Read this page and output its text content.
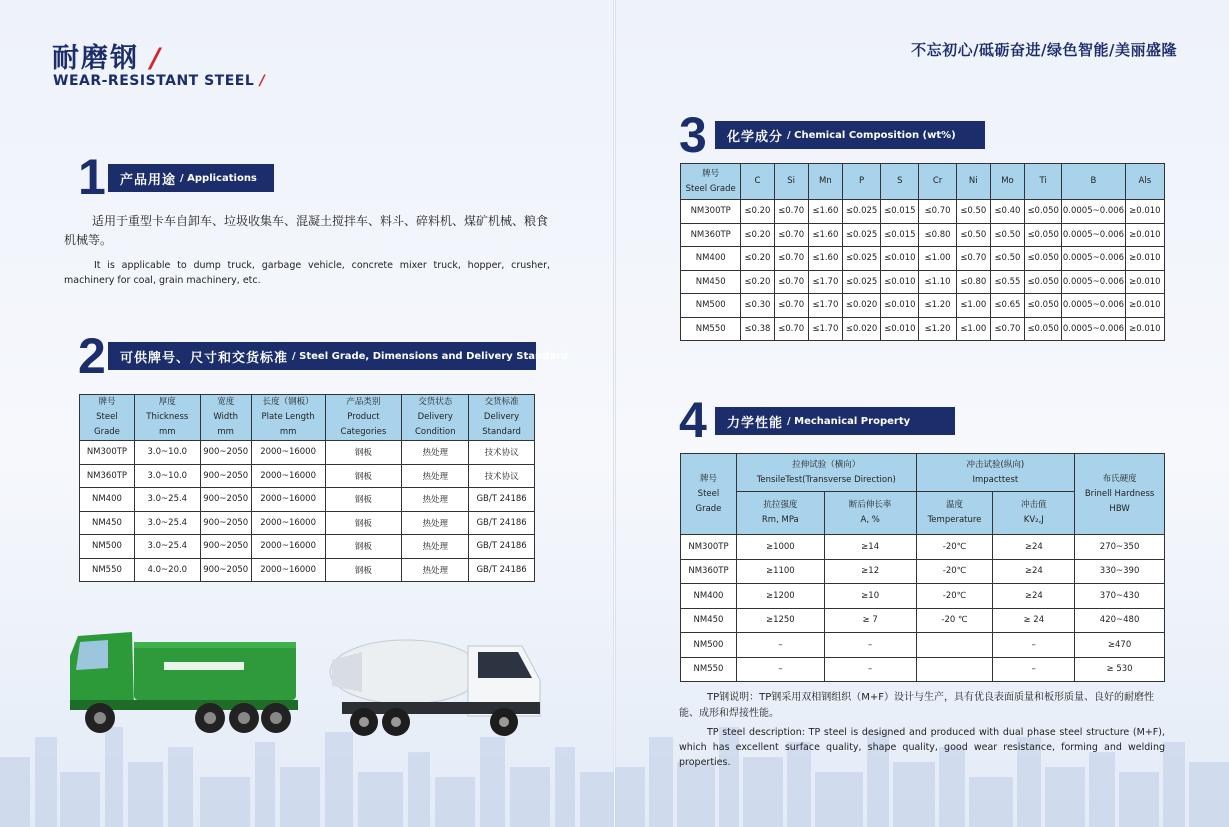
耐磨钢 /
WEAR-RESISTANT STEEL /
1 产品用途 / Applications
适用于重型卡车自卸车、垃圾收集车、混凝土搅拌车、料斗、碎料机、煤矿机械、粮食机械等。
It is applicable to dump truck, garbage vehicle, concrete mixer truck, hopper, crusher, machinery for coal, grain machinery, etc.
2 可供牌号、尺寸和交货标准 / Steel Grade, Dimensions and Delivery Standard
牌号
Steel
Grade	厚度
Thickness
mm	宽度
Width
mm	长度（钢板）
Plate Length
mm	产品类别
Product
Categories	交货状态
Delivery
Condition	交货标准
Delivery
Standard
NM300TP	3.0~10.0	900~2050	2000~16000	钢板	热处理	技术协议
NM360TP	3.0~10.0	900~2050	2000~16000	钢板	热处理	技术协议
NM400	3.0~25.4	900~2050	2000~16000	钢板	热处理	GB/T 24186
NM450	3.0~25.4	900~2050	2000~16000	钢板	热处理	GB/T 24186
NM500	3.0~25.4	900~2050	2000~16000	钢板	热处理	GB/T 24186
NM550	4.0~20.0	900~2050	2000~16000	钢板	热处理	GB/T 24186
不忘初心/砥砺奋进/绿色智能/美丽盛隆
3 化学成分 / Chemical Composition (wt%)
牌号
Steel Grade	C	Si	Mn	P	S	Cr	Ni	Mo	Ti	B	Als
NM300TP	≤0.20	≤0.70	≤1.60	≤0.025	≤0.015	≤0.70	≤0.50	≤0.40	≤0.050	0.0005~0.006	≥0.010
NM360TP	≤0.20	≤0.70	≤1.60	≤0.025	≤0.015	≤0.80	≤0.50	≤0.50	≤0.050	0.0005~0.006	≥0.010
NM400	≤0.20	≤0.70	≤1.60	≤0.025	≤0.010	≤1.00	≤0.70	≤0.50	≤0.050	0.0005~0.006	≥0.010
NM450	≤0.20	≤0.70	≤1.70	≤0.025	≤0.010	≤1.10	≤0.80	≤0.55	≤0.050	0.0005~0.006	≥0.010
NM500	≤0.30	≤0.70	≤1.70	≤0.020	≤0.010	≤1.20	≤1.00	≤0.65	≤0.050	0.0005~0.006	≥0.010
NM550	≤0.38	≤0.70	≤1.70	≤0.020	≤0.010	≤1.20	≤1.00	≤0.70	≤0.050	0.0005~0.006	≥0.010
4 力学性能 / Mechanical Property
牌号
Steel
Grade	拉伸试验（横向）
TensileTest(Transverse Direction)		冲击试验(纵向)
Impacttest		布氏硬度
Brinell Hardness
HBW
	抗拉强度
Rm, MPa	断后伸长率
A, %	温度
Temperature	冲击值
KV₂,J	
NM300TP	≥1000	≥14	-20℃	≥24	270~350
NM360TP	≥1100	≥12	-20℃	≥24	330~390
NM400	≥1200	≥10	-20℃	≥24	370~430
NM450	≥1250	≥ 7	-20 ℃	≥ 24	420~480
NM500	–	–		–	≥470
NM550	–	–		–	≥ 530
TP钢说明：TP钢采用双相钢组织（M+F）设计与生产，具有优良表面质量和板形质量、良好的耐磨性能、成形和焊接性能。
TP steel description: TP steel is designed and produced with dual phase steel structure (M+F), which has excellent surface quality, shape quality, good wear resistance, forming and welding properties.
